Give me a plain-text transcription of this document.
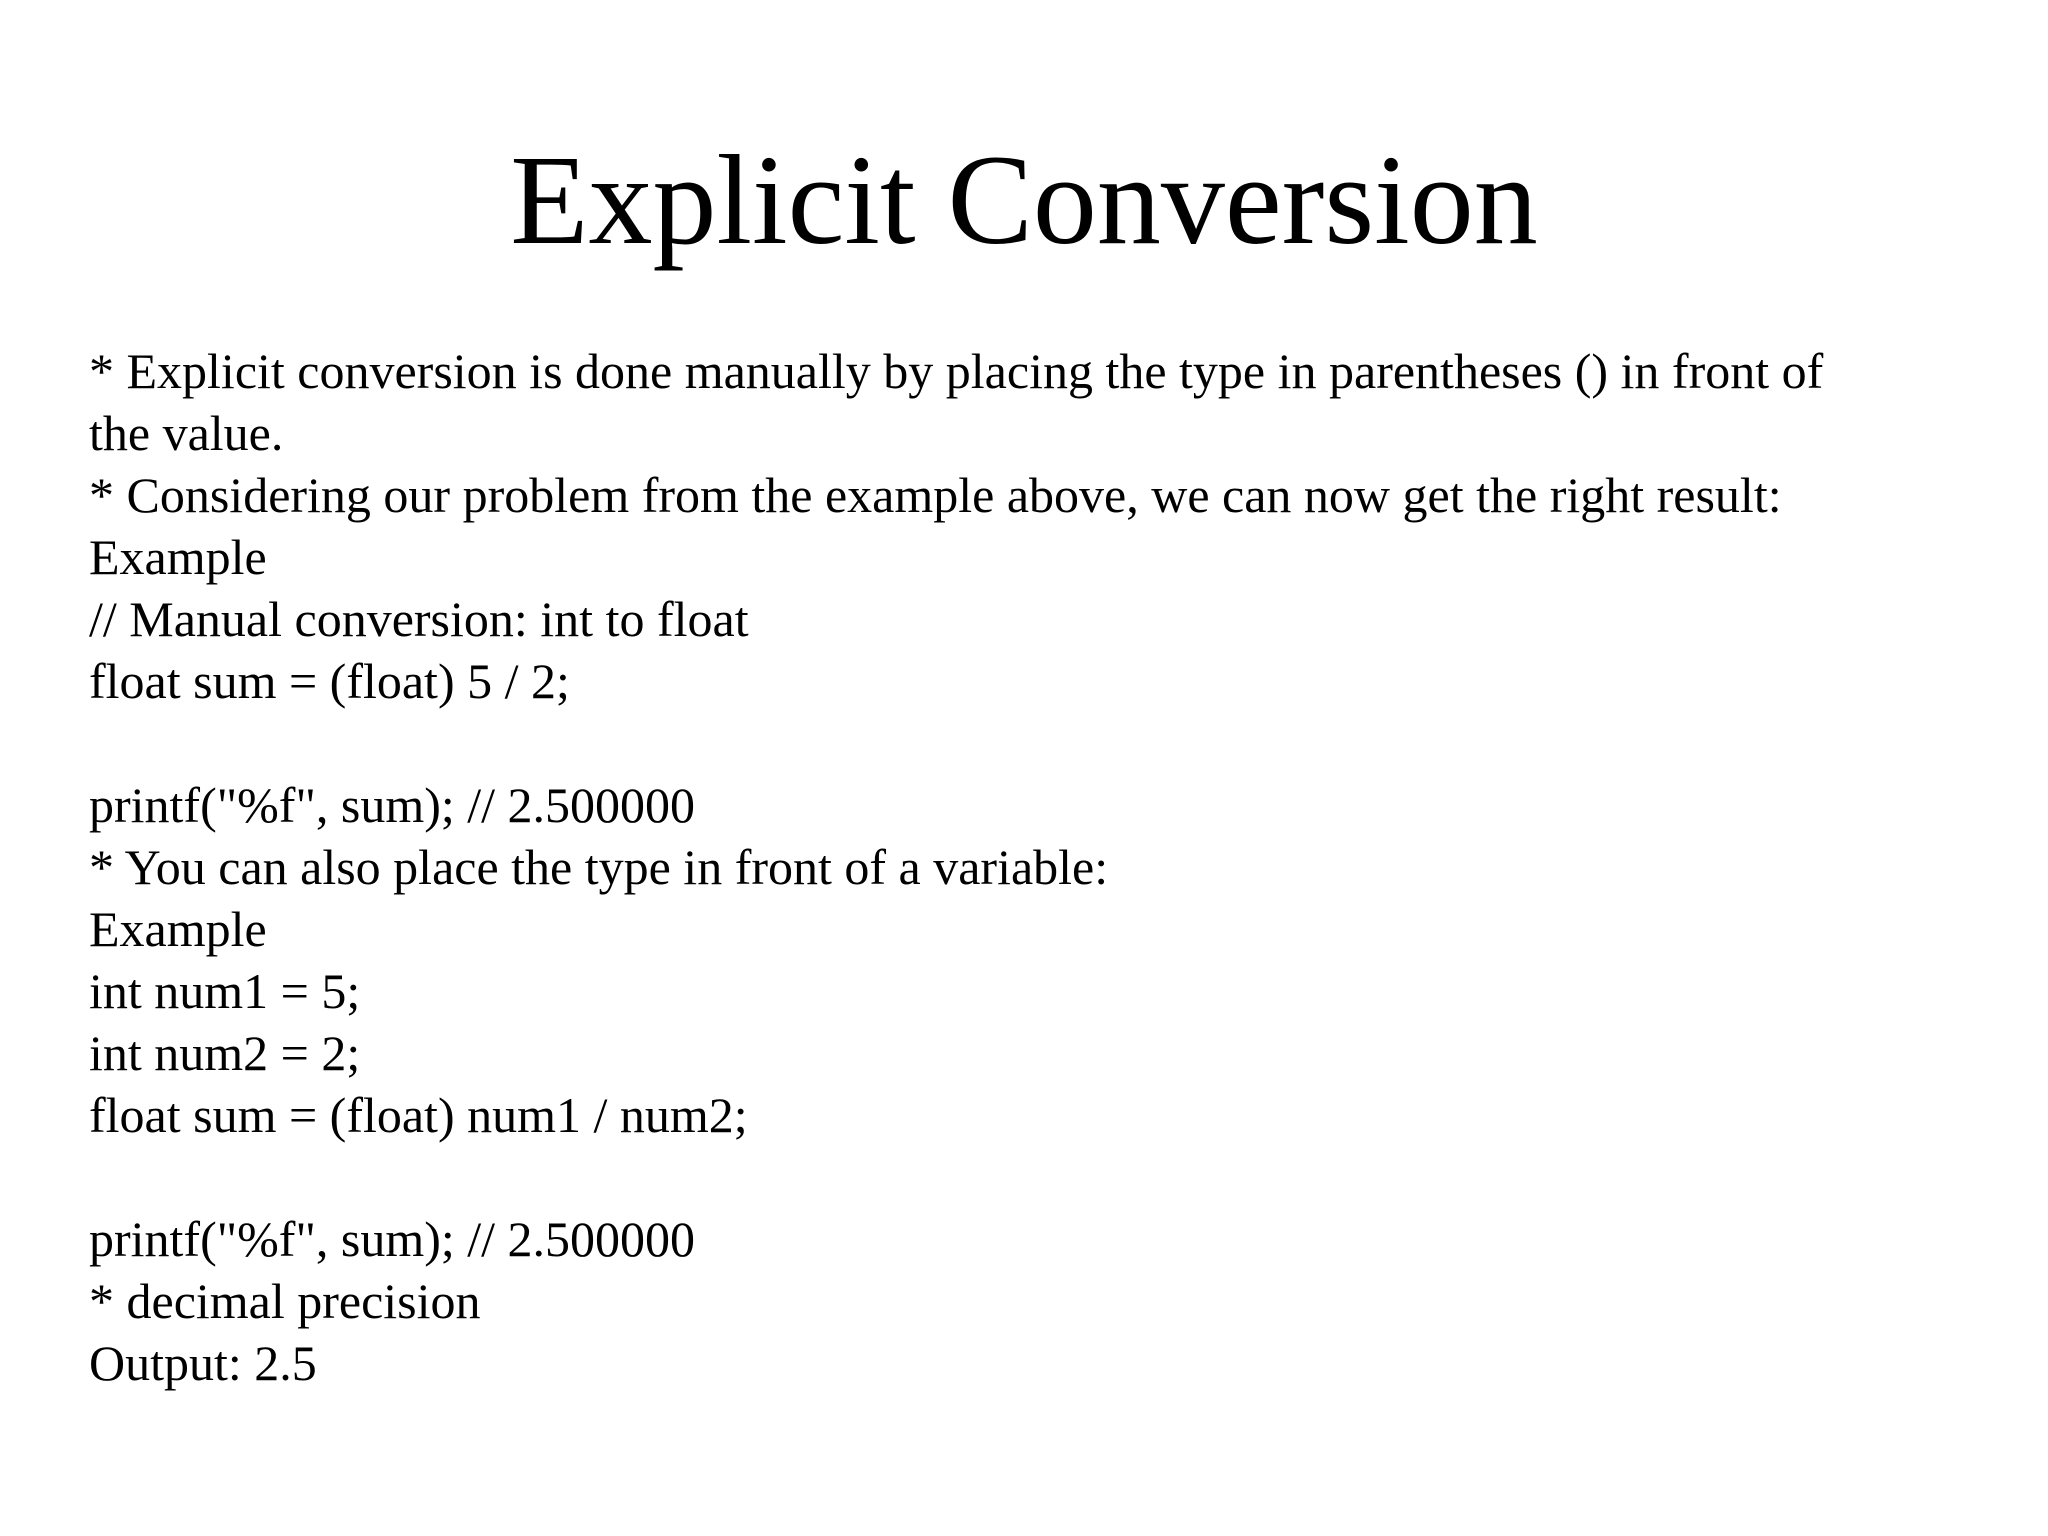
Explicit Conversion
* Explicit conversion is done manually by placing the type in parentheses () in front of
the value.
* Considering our problem from the example above, we can now get the right result:
Example
// Manual conversion: int to float
float sum = (float) 5 / 2;
printf("%f", sum); // 2.500000
* You can also place the type in front of a variable:
Example
int num1 = 5;
int num2 = 2;
float sum = (float) num1 / num2;
printf("%f", sum); // 2.500000
* decimal precision
Output: 2.5
